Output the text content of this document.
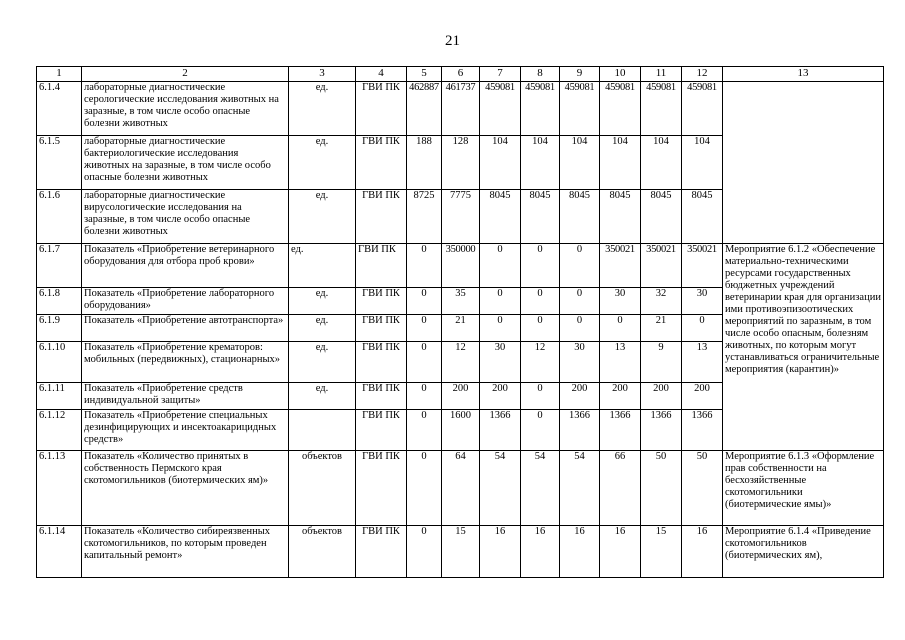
21
1	2	3	4	5	6	7	8	9	10	11	12	13
6.1.4	лабораторные диагностические серологические исследования животных на заразные, в том числе особо опасные болезни животных	ед.	ГВИ ПК	462887	461737	459081	459081	459081	459081	459081	459081	
6.1.5	лабораторные диагностические бактериологические исследования животных на заразные, в том числе особо опасные болезни животных	ед.	ГВИ ПК	188	128	104	104	104	104	104	104	
6.1.6	лабораторные диагностические вирусологические исследования на заразные, в том числе особо опасные болезни животных	ед.	ГВИ ПК	8725	7775	8045	8045	8045	8045	8045	8045	
6.1.7	Показатель «Приобретение ветеринарного оборудования для отбора проб крови»	ед.	ГВИ ПК	0	350000	0	0	0	350021	350021	350021	Мероприятие 6.1.2 «Обеспечение материально-техническими ресурсами государственных бюджетных учреждений ветеринарии края для организации ими противоэпизоотических мероприятий по заразным, в том числе особо опасным, болезням животных, по которым могут устанавливаться ограничительные мероприятия (карантин)»
6.1.8	Показатель «Приобретение лабораторного оборудования»	ед.	ГВИ ПК	0	35	0	0	0	30	32	30	
6.1.9	Показатель «Приобретение автотранспорта»	ед.	ГВИ ПК	0	21	0	0	0	0	21	0	
6.1.10	Показатель «Приобретение крематоров: мобильных (передвижных), стационарных»	ед.	ГВИ ПК	0	12	30	12	30	13	9	13	
6.1.11	Показатель «Приобретение средств индивидуальной защиты»	ед.	ГВИ ПК	0	200	200	0	200	200	200	200	
6.1.12	Показатель «Приобретение специальных дезинфицирующих и инсектоакарицидных средств»		ГВИ ПК	0	1600	1366	0	1366	1366	1366	1366	
6.1.13	Показатель «Количество принятых в собственность Пермского края скотомогильников (биотермических ям)»	объектов	ГВИ ПК	0	64	54	54	54	66	50	50	Мероприятие 6.1.3 «Оформление прав собственности на бесхозяйственные скотомогильники (биотермические ямы)»
6.1.14	Показатель «Количество сибиреязвенных скотомогильников, по которым проведен капитальный ремонт»	объектов	ГВИ ПК	0	15	16	16	16	16	15	16	Мероприятие 6.1.4 «Приведение скотомогильников (биотермических ям),
